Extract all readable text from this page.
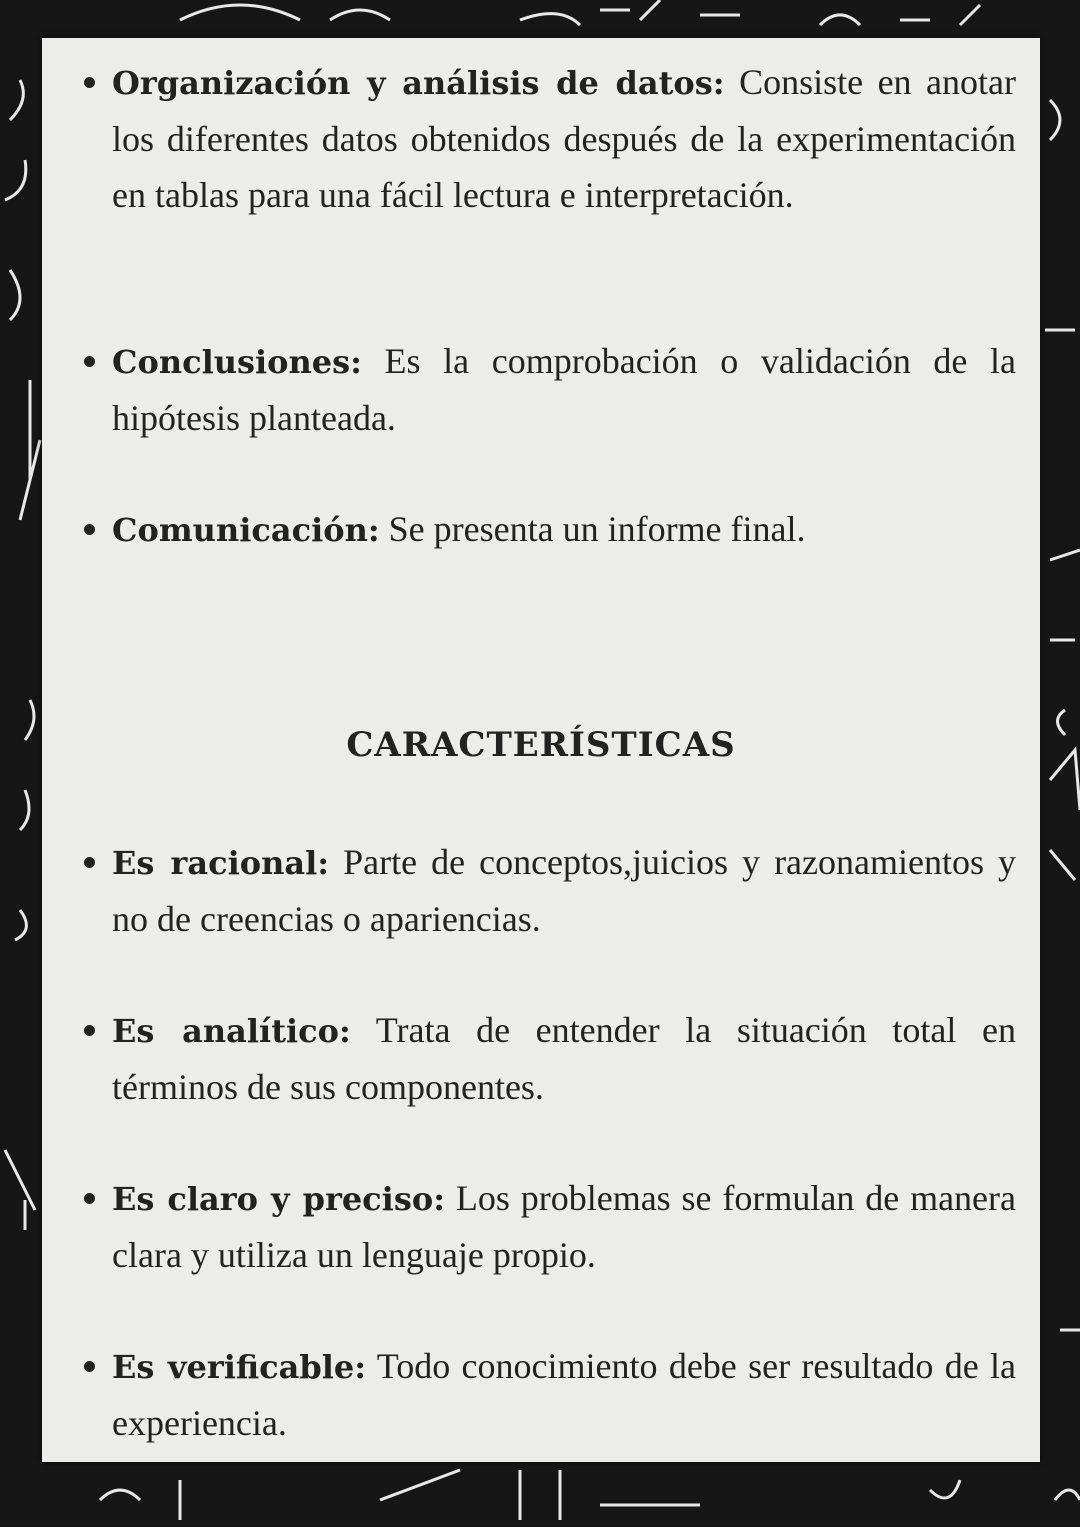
Organización y análisis de datos: Consiste en anotar los diferentes datos obtenidos después de la experimentación en tablas para una fácil lectura e interpretación.
Conclusiones: Es la comprobación o validación de la hipótesis planteada.
Comunicación: Se presenta un informe final.
CARACTERÍSTICAS
Es racional: Parte de conceptos,juicios y razonamientos y no de creencias o apariencias.
Es analítico: Trata de entender la situación total en términos de sus componentes.
Es claro y preciso: Los problemas se formulan de manera clara y utiliza un lenguaje propio.
Es verificable: Todo conocimiento debe ser resultado de la experiencia.
